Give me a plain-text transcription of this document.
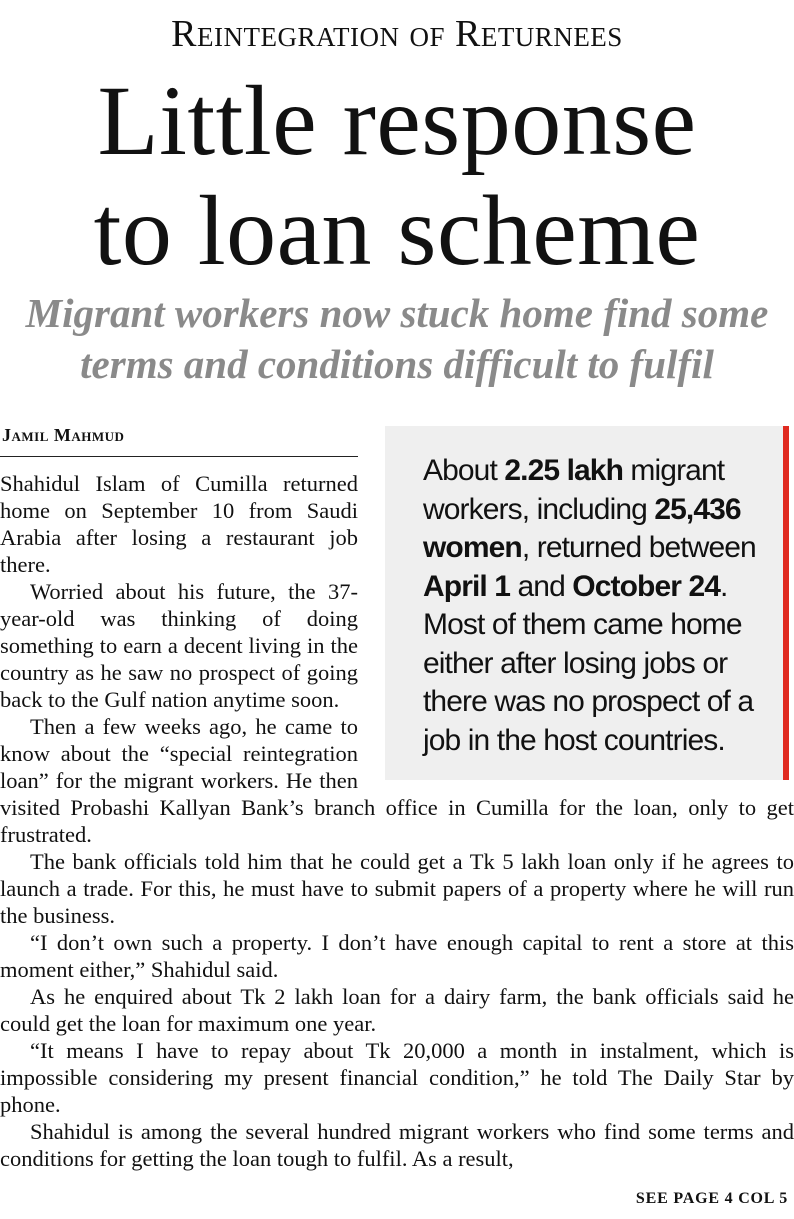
Reintegration of Returnees
Little response
to loan scheme
Migrant workers now stuck home find some
terms and conditions difficult to fulfil
Jamil Mahmud
About 2.25 lakh migrant workers, including 25,436 women, returned between April 1 and October 24. Most of them came home either after losing jobs or there was no prospect of a job in the host countries.

Shahidul Islam of Cumilla returned home on September 10 from Saudi Arabia after losing a restaurant job there.

Worried about his future, the 37-year-old was thinking of doing something to earn a decent living in the country as he saw no prospect of going back to the Gulf nation anytime soon.

Then a few weeks ago, he came to know about the “special reintegration loan” for the migrant workers. He then visited Probashi Kallyan Bank’s branch office in Cumilla for the loan, only to get frustrated.

The bank officials told him that he could get a Tk 5 lakh loan only if he agrees to launch a trade. For this, he must have to submit papers of a property where he will run the business.

“I don’t own such a property. I don’t have enough capital to rent a store at this moment either,” Shahidul said.

As he enquired about Tk 2 lakh loan for a dairy farm, the bank officials said he could get the loan for maximum one year.

“It means I have to repay about Tk 20,000 a month in instalment, which is impossible considering my present financial condition,” he told The Daily Star by phone.

Shahidul is among the several hundred migrant workers who find some terms and conditions for getting the loan tough to fulfil. As a result,

SEE PAGE 4 COL 5
